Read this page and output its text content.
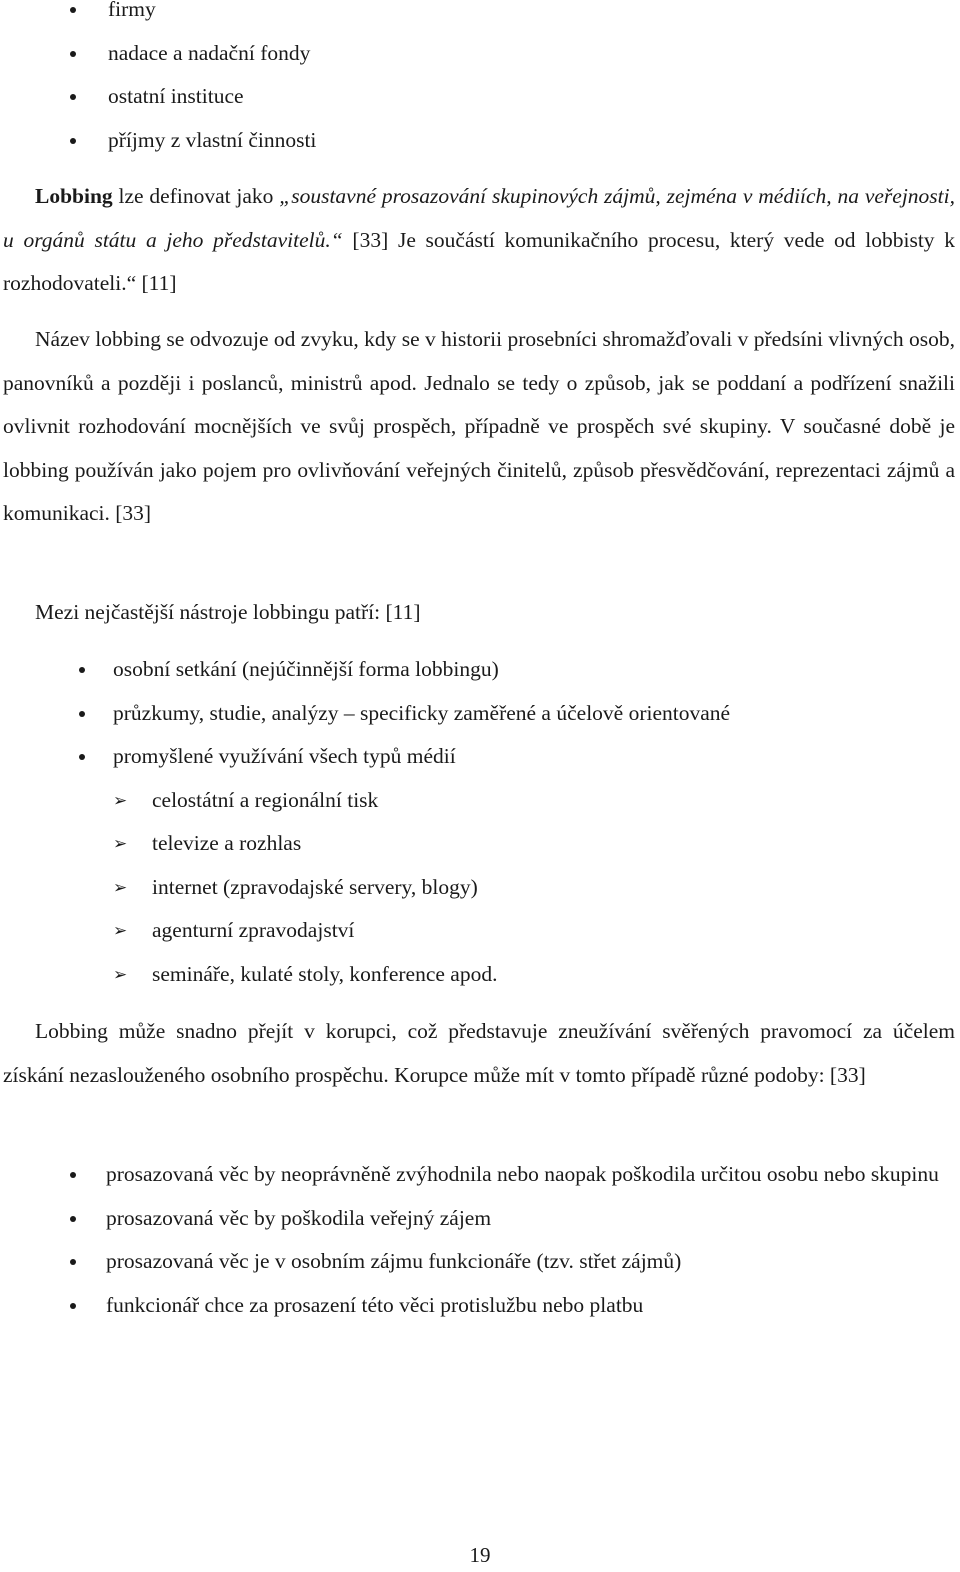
firmy
nadace a nadační fondy
ostatní instituce
příjmy z vlastní činnosti

Lobbing lze definovat jako „soustavné prosazování skupinových zájmů, zejména v médiích, na veřejnosti, u orgánů státu a jeho představitelů.“ [33] Je součástí komunikačního procesu, který vede od lobbisty k rozhodovateli.“ [11]

Název lobbing se odvozuje od zvyku, kdy se v historii prosebníci shromažďovali v předsíni vlivných osob, panovníků a později i poslanců, ministrů apod. Jednalo se tedy o způsob, jak se poddaní a podřízení snažili ovlivnit rozhodování mocnějších ve svůj prospěch, případně ve prospěch své skupiny. V současné době je lobbing používán jako pojem pro ovlivňování veřejných činitelů, způsob přesvědčování, reprezentaci zájmů a komunikaci. [33]

Mezi nejčastější nástroje lobbingu patří: [11]

osobní setkání (nejúčinnější forma lobbingu)
průzkumy, studie, analýzy – specificky zaměřené a účelově orientované
promyšlené využívání všech typů médií
➢ celostátní a regionální tisk
➢ televize a rozhlas
➢ internet (zpravodajské servery, blogy)
➢ agenturní zpravodajství
➢ semináře, kulaté stoly, konference apod.

Lobbing může snadno přejít v korupci, což představuje zneužívání svěřených pravomocí za účelem získání nezaslouženého osobního prospěchu. Korupce může mít v tomto případě různé podoby: [33]

prosazovaná věc by neoprávněně zvýhodnila nebo naopak poškodila určitou osobu nebo skupinu
prosazovaná věc by poškodila veřejný zájem
prosazovaná věc je v osobním zájmu funkcionáře (tzv. střet zájmů)
funkcionář chce za prosazení této věci protislužbu nebo platbu
19
